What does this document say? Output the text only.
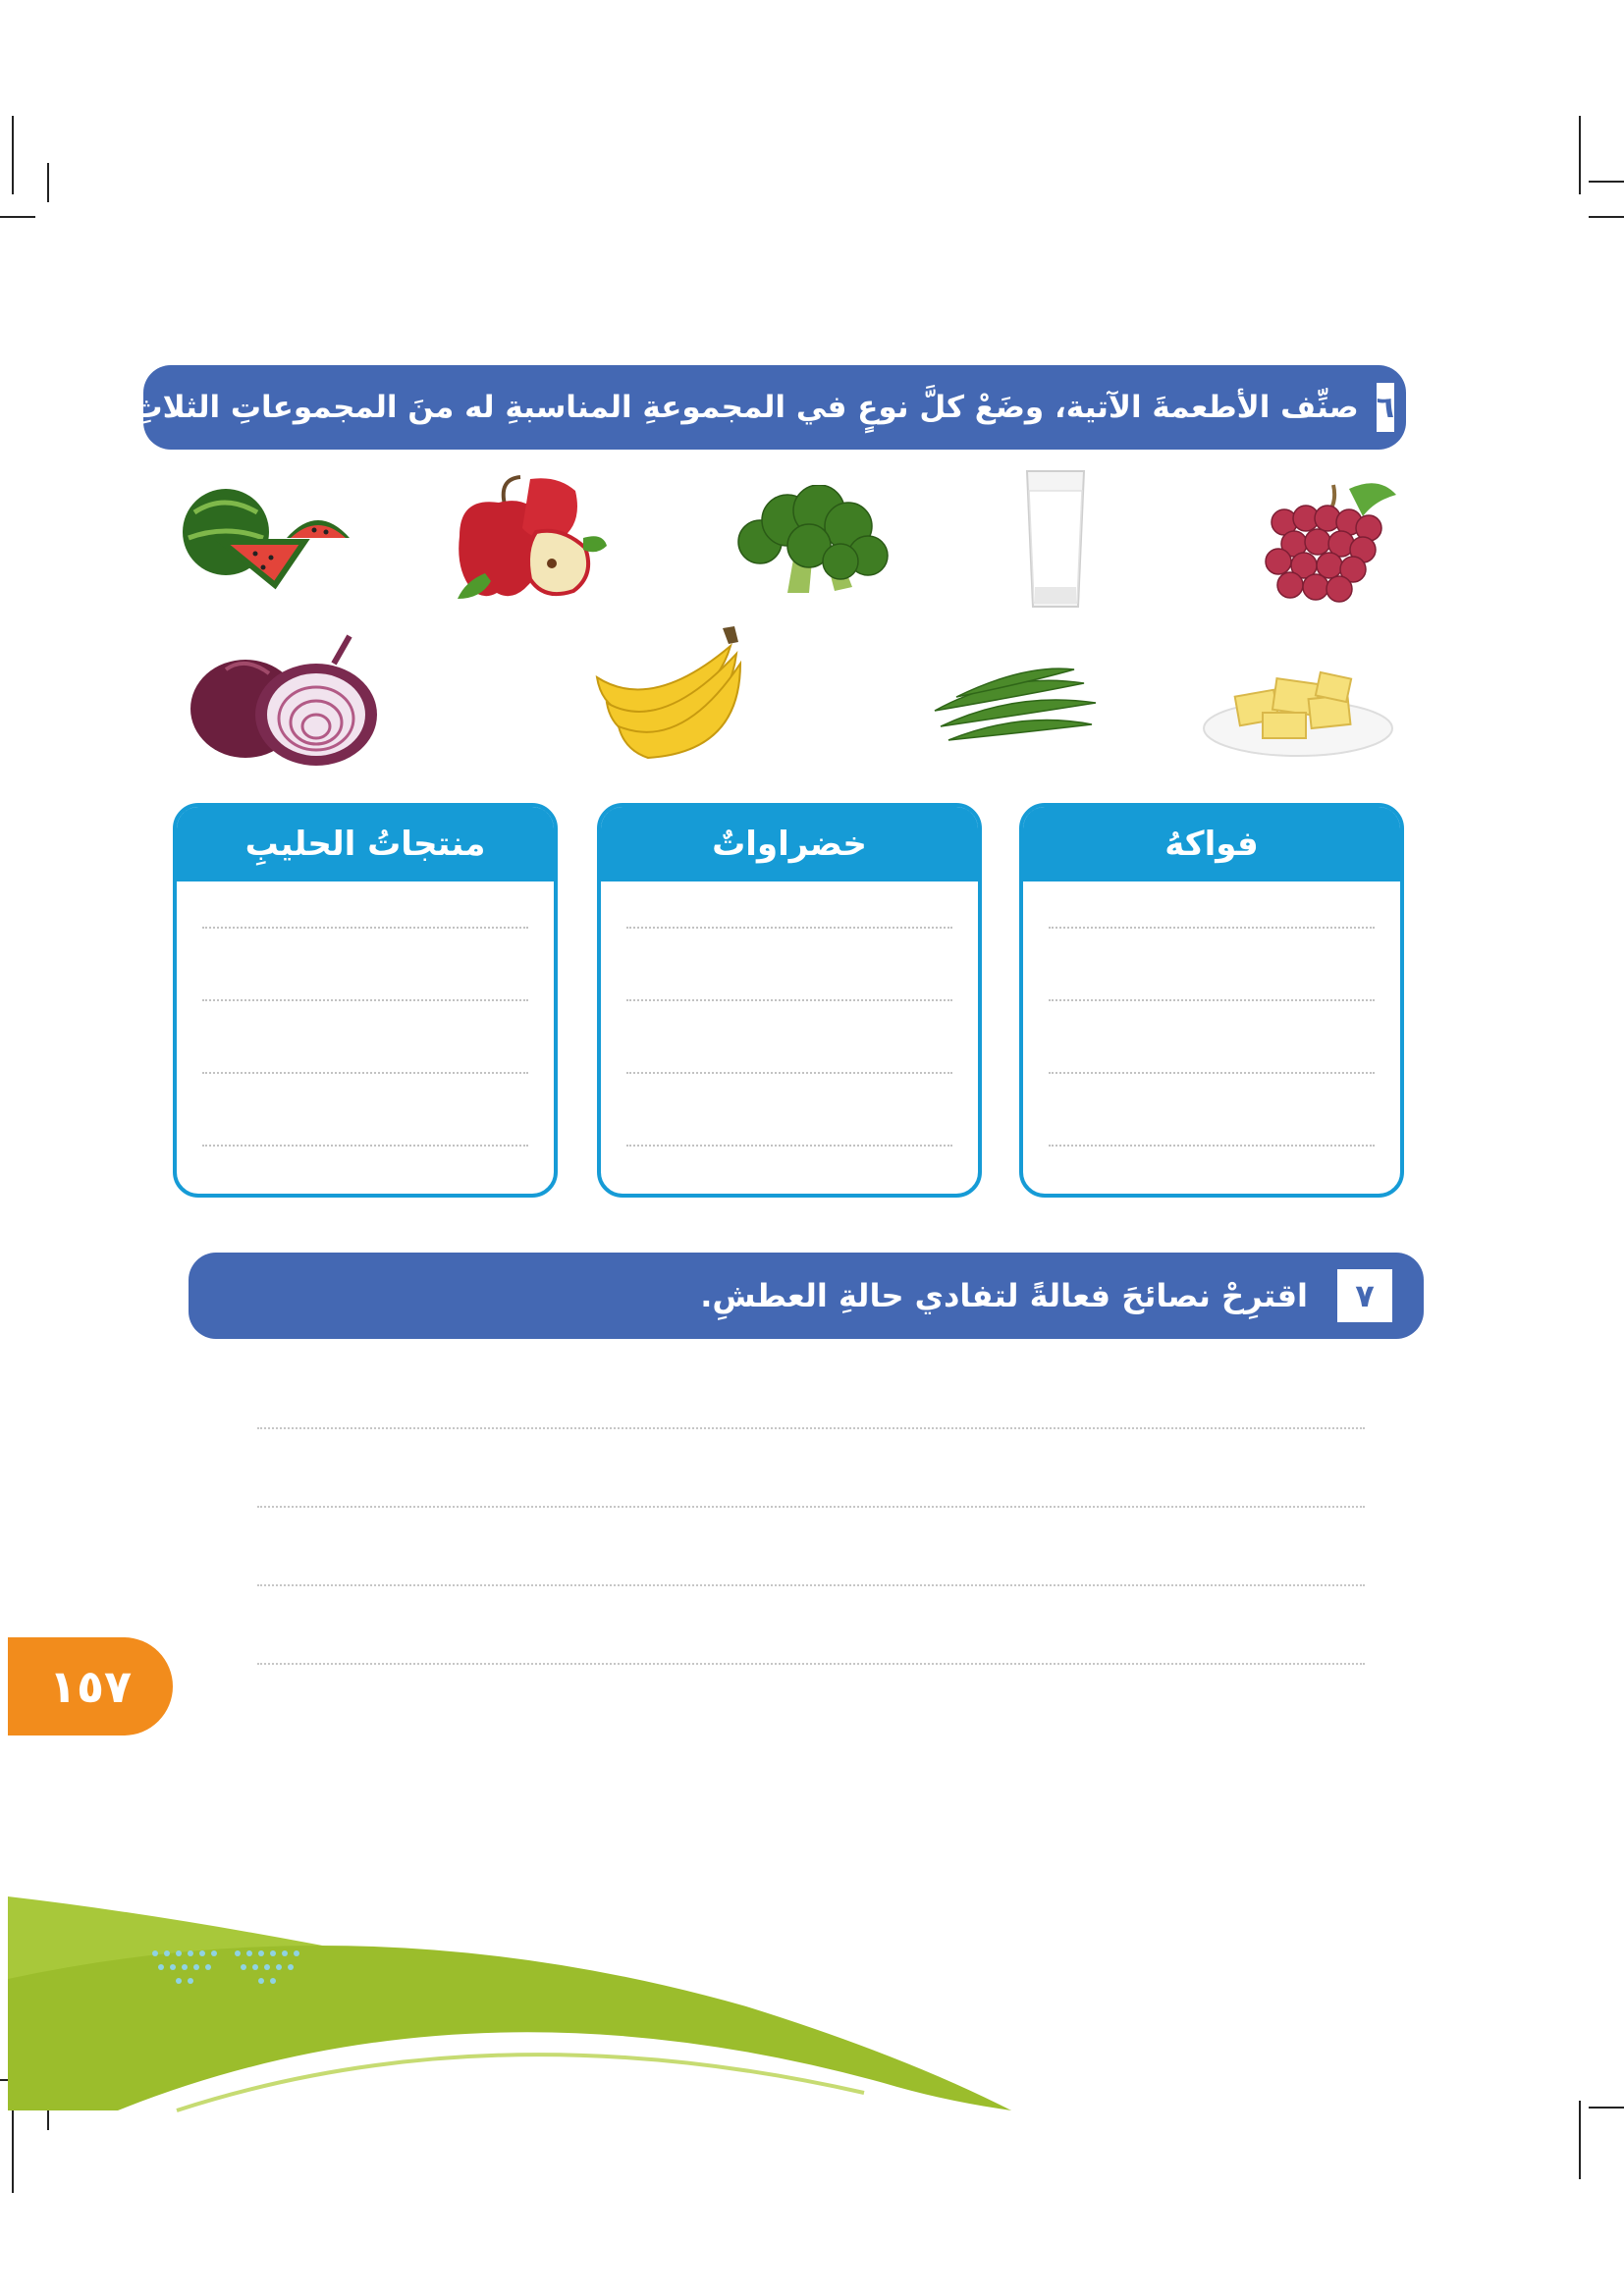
٦
صنِّف الأطعمةَ الآتية، وضَعْ كلَّ نوعٍ في المجموعةِ المناسبةِ له منَ المجموعاتِ الثلاثِ:
فواكهُ
خضراواتٌ
منتجاتُ الحليبِ
٧
اقترِحْ نصائحَ فعالةً لتفادي حالةِ العطشِ.
١٥٧
